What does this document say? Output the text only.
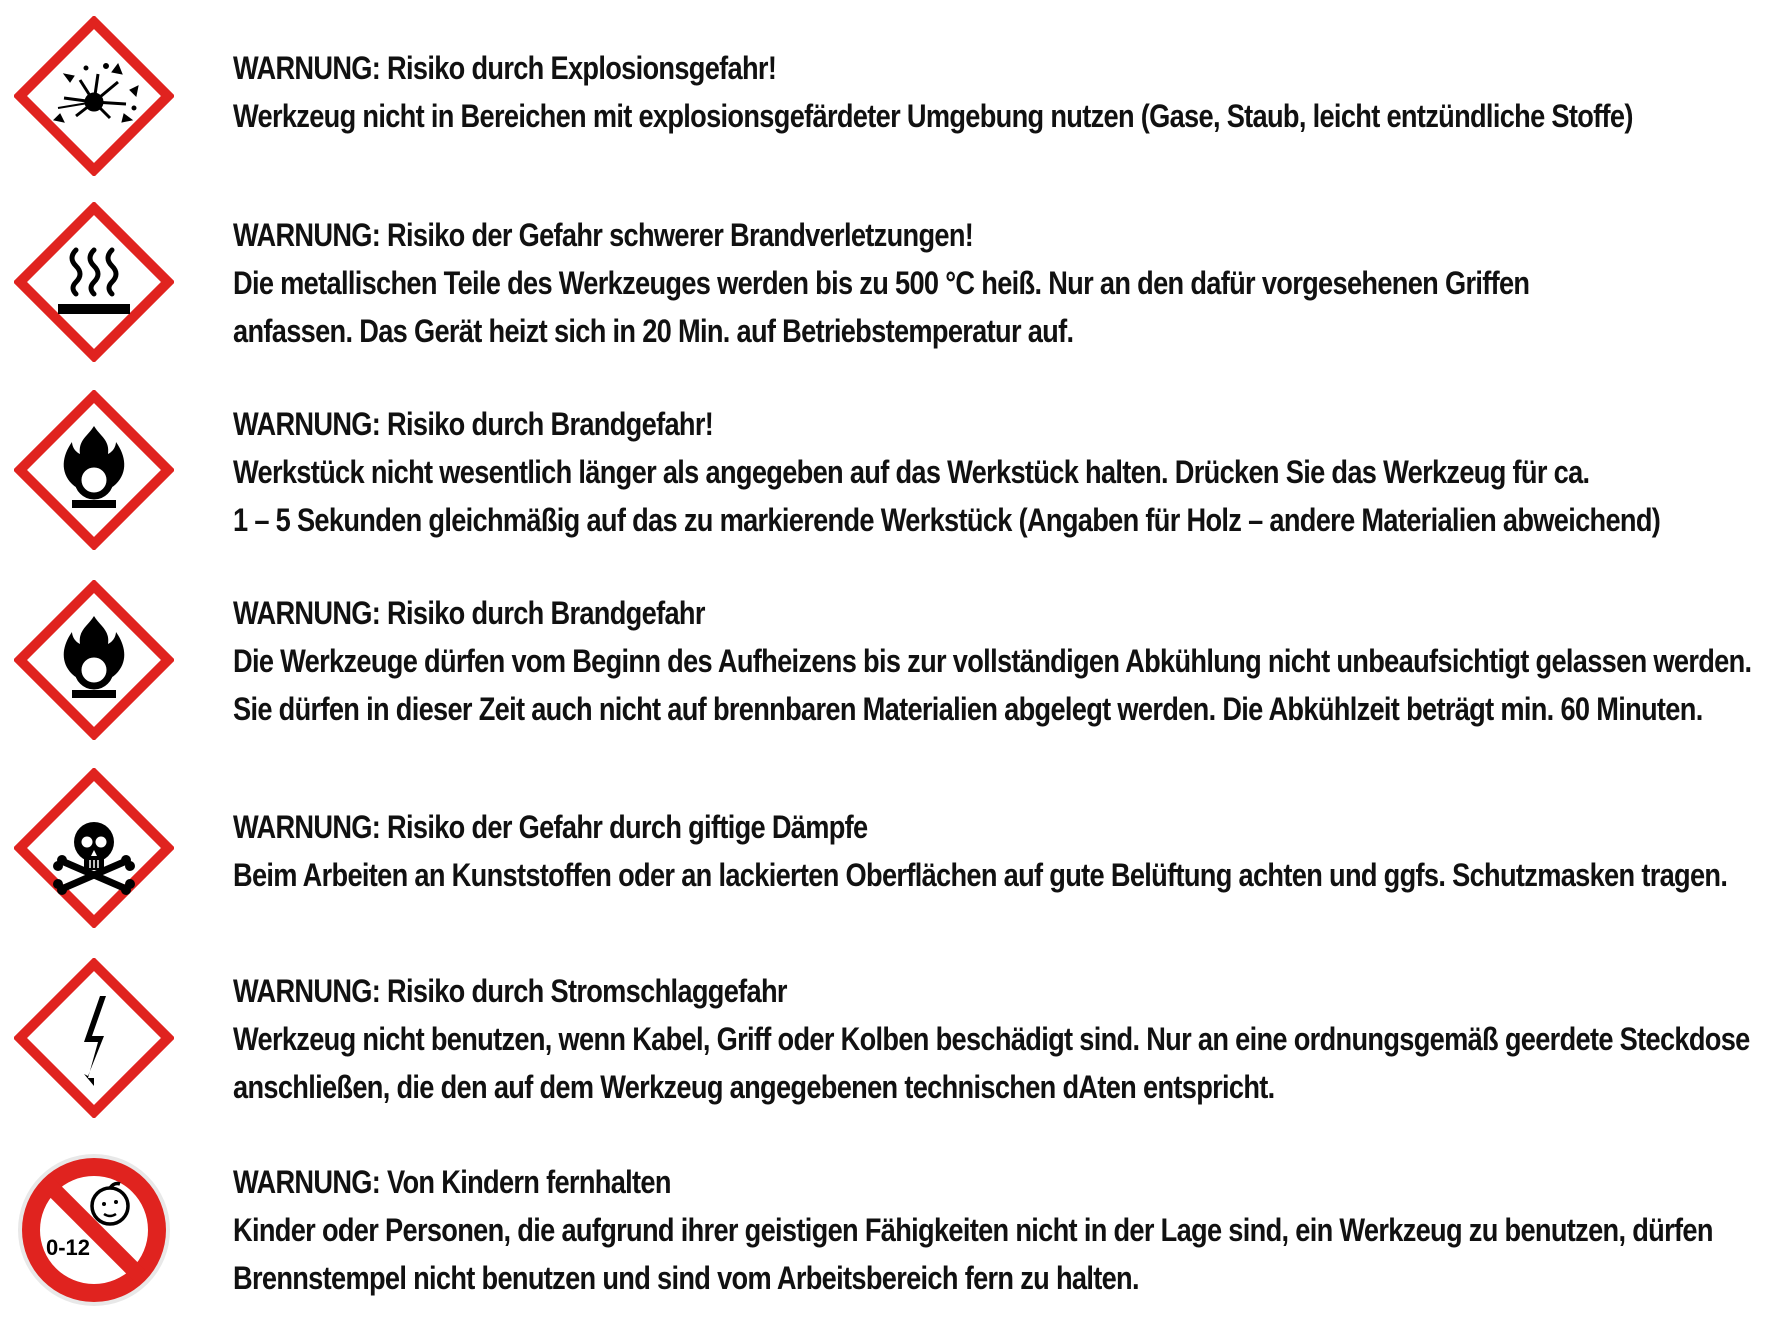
WARNUNG: Risiko durch Explosionsgefahr!
Werkzeug nicht in Bereichen mit explosionsgefärdeter Umgebung nutzen (Gase, Staub, leicht entzündliche Stoffe)
WARNUNG: Risiko der Gefahr schwerer Brandverletzungen!
Die metallischen Teile des Werkzeuges werden bis zu 500 °C heiß. Nur an den dafür vorgesehenen Griffen
anfassen. Das Gerät heizt sich in 20 Min. auf Betriebstemperatur auf.
WARNUNG: Risiko durch Brandgefahr!
Werkstück nicht wesentlich länger als angegeben auf das Werkstück halten. Drücken Sie das Werkzeug für ca.
1 – 5 Sekunden gleichmäßig auf das zu markierende Werkstück (Angaben für Holz – andere Materialien abweichend)
WARNUNG: Risiko durch Brandgefahr
Die Werkzeuge dürfen vom Beginn des Aufheizens bis zur vollständigen Abkühlung nicht unbeaufsichtigt gelassen werden.
Sie dürfen in dieser Zeit auch nicht auf brennbaren Materialien abgelegt werden. Die Abkühlzeit beträgt min. 60 Minuten.
WARNUNG: Risiko der Gefahr durch giftige Dämpfe
Beim Arbeiten an Kunststoffen oder an lackierten Oberflächen auf gute Belüftung achten und ggfs. Schutzmasken tragen.
WARNUNG: Risiko durch Stromschlaggefahr
Werkzeug nicht benutzen, wenn Kabel, Griff oder Kolben beschädigt sind. Nur an eine ordnungsgemäß geerdete Steckdose
anschließen, die den auf dem Werkzeug angegebenen technischen dAten entspricht.
0-12
WARNUNG: Von Kindern fernhalten
Kinder oder Personen, die aufgrund ihrer geistigen Fähigkeiten nicht in der Lage sind, ein Werkzeug zu benutzen, dürfen
Brennstempel nicht benutzen und sind vom Arbeitsbereich fern zu halten.
